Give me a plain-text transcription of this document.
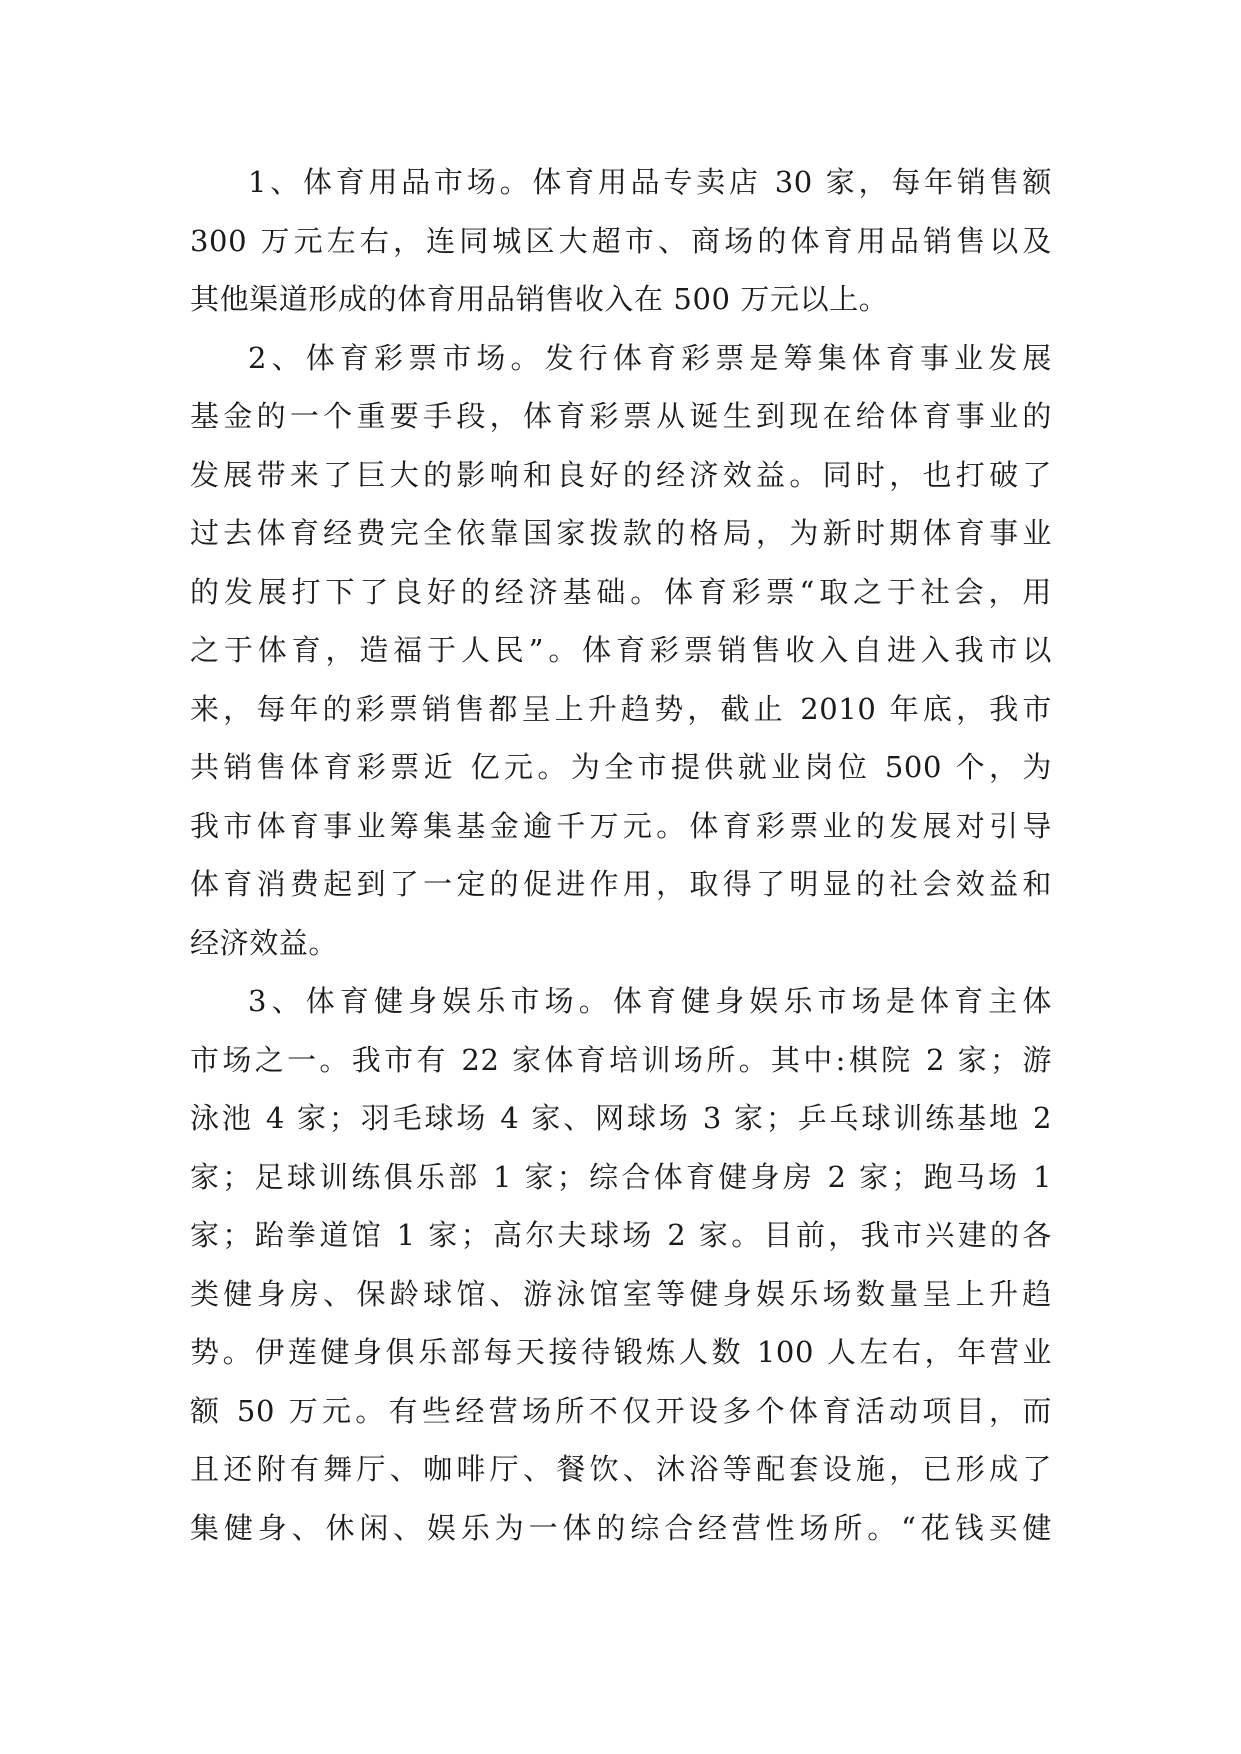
1、体育用品市场。体育用品专卖店 30 家，每年销售额
300 万元左右，连同城区大超市、商场的体育用品销售以及
其他渠道形成的体育用品销售收入在 500 万元以上。
2、体育彩票市场。发行体育彩票是筹集体育事业发展
基金的一个重要手段，体育彩票从诞生到现在给体育事业的
发展带来了巨大的影响和良好的经济效益。同时，也打破了
过去体育经费完全依靠国家拨款的格局，为新时期体育事业
的发展打下了良好的经济基础。体育彩票“取之于社会，用
之于体育，造福于人民”。体育彩票销售收入自进入我市以
来，每年的彩票销售都呈上升趋势，截止 2010 年底，我市
共销售体育彩票近 亿元。为全市提供就业岗位 500 个，为
我市体育事业筹集基金逾千万元。体育彩票业的发展对引导
体育消费起到了一定的促进作用，取得了明显的社会效益和
经济效益。
3、体育健身娱乐市场。体育健身娱乐市场是体育主体
市场之一。我市有 22 家体育培训场所。其中:棋院 2 家；游
泳池 4 家；羽毛球场 4 家、网球场 3 家；乒乓球训练基地 2
家；足球训练俱乐部 1 家；综合体育健身房 2 家；跑马场 1
家；跆拳道馆 1 家；高尔夫球场 2 家。目前，我市兴建的各
类健身房、保龄球馆、游泳馆室等健身娱乐场数量呈上升趋
势。伊莲健身俱乐部每天接待锻炼人数 100 人左右，年营业
额 50 万元。有些经营场所不仅开设多个体育活动项目，而
且还附有舞厅、咖啡厅、餐饮、沐浴等配套设施，已形成了
集健身、休闲、娱乐为一体的综合经营性场所。“花钱买健
